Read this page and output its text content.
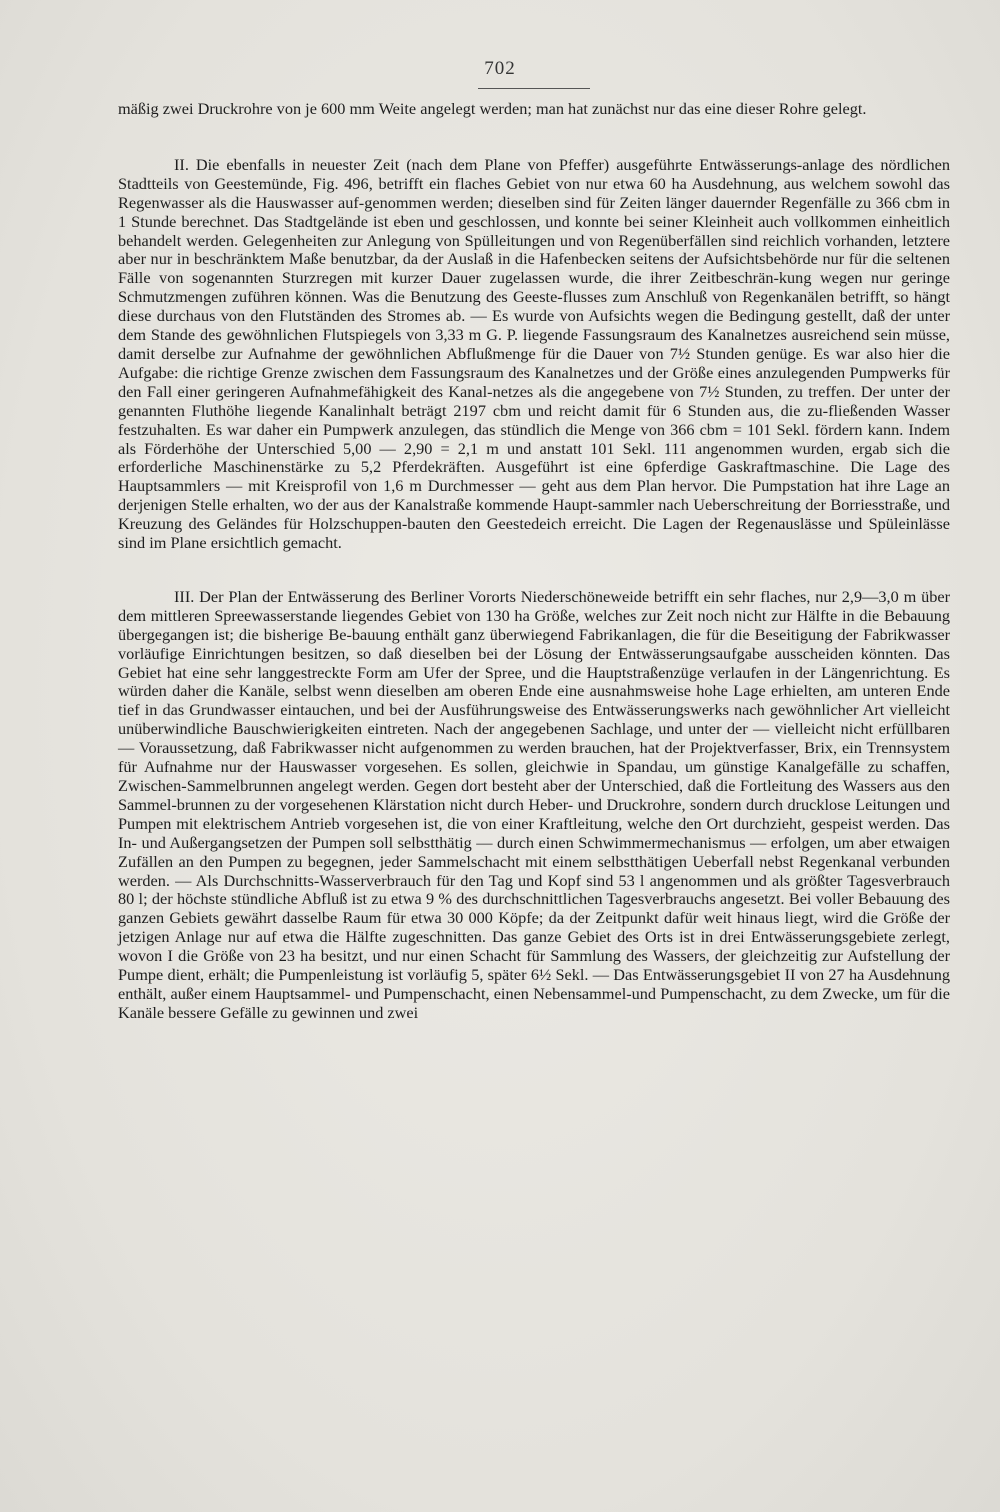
702

mäßig zwei Druckrohre von je 600 mm Weite angelegt werden; man hat zunächst nur das eine dieser Rohre gelegt.

II. Die ebenfalls in neuester Zeit (nach dem Plane von Pfeffer) ausgeführte Entwässerungs-anlage des nördlichen Stadtteils von Geestemünde, Fig. 496, betrifft ein flaches Gebiet von nur etwa 60 ha Ausdehnung, aus welchem sowohl das Regenwasser als die Hauswasser auf-genommen werden; dieselben sind für Zeiten länger dauernder Regenfälle zu 366 cbm in 1 Stunde berechnet. Das Stadtgelände ist eben und geschlossen, und konnte bei seiner Kleinheit auch vollkommen einheitlich behandelt werden. Gelegenheiten zur Anlegung von Spülleitungen und von Regenüberfällen sind reichlich vorhanden, letztere aber nur in beschränktem Maße benutzbar, da der Auslaß in die Hafenbecken seitens der Aufsichtsbehörde nur für die seltenen Fälle von sogenannten Sturzregen mit kurzer Dauer zugelassen wurde, die ihrer Zeitbeschrän-kung wegen nur geringe Schmutzmengen zuführen können. Was die Benutzung des Geeste-flusses zum Anschluß von Regenkanälen betrifft, so hängt diese durchaus von den Flutständen des Stromes ab. — Es wurde von Aufsichts wegen die Bedingung gestellt, daß der unter dem Stande des gewöhnlichen Flutspiegels von 3,33 m G. P. liegende Fassungsraum des Kanalnetzes ausreichend sein müsse, damit derselbe zur Aufnahme der gewöhnlichen Abflußmenge für die Dauer von 7½ Stunden genüge. Es war also hier die Aufgabe: die richtige Grenze zwischen dem Fassungsraum des Kanalnetzes und der Größe eines anzulegenden Pumpwerks für den Fall einer geringeren Aufnahmefähigkeit des Kanal-netzes als die angegebene von 7½ Stunden, zu treffen. Der unter der genannten Fluthöhe liegende Kanalinhalt beträgt 2197 cbm und reicht damit für 6 Stunden aus, die zu-fließenden Wasser festzuhalten. Es war daher ein Pumpwerk anzulegen, das stündlich die Menge von 366 cbm = 101 Sekl. fördern kann. Indem als Förderhöhe der Unterschied 5,00 — 2,90 = 2,1 m und anstatt 101 Sekl. 111 angenommen wurden, ergab sich die erforderliche Maschinenstärke zu 5,2 Pferdekräften. Ausgeführt ist eine 6pferdige Gaskraftmaschine. Die Lage des Hauptsammlers — mit Kreisprofil von 1,6 m Durchmesser — geht aus dem Plan hervor. Die Pumpstation hat ihre Lage an derjenigen Stelle erhalten, wo der aus der Kanalstraße kommende Haupt-sammler nach Ueberschreitung der Borriesstraße, und Kreuzung des Geländes für Holzschuppen-bauten den Geestedeich erreicht. Die Lagen der Regenauslässe und Spüleinlässe sind im Plane ersichtlich gemacht.

III. Der Plan der Entwässerung des Berliner Vororts Niederschöneweide betrifft ein sehr flaches, nur 2,9—3,0 m über dem mittleren Spreewasserstande liegendes Gebiet von 130 ha Größe, welches zur Zeit noch nicht zur Hälfte in die Bebauung übergegangen ist; die bisherige Be-bauung enthält ganz überwiegend Fabrikanlagen, die für die Beseitigung der Fabrikwasser vorläufige Einrichtungen besitzen, so daß dieselben bei der Lösung der Entwässerungsaufgabe ausscheiden könnten. Das Gebiet hat eine sehr langgestreckte Form am Ufer der Spree, und die Hauptstraßenzüge verlaufen in der Längenrichtung. Es würden daher die Kanäle, selbst wenn dieselben am oberen Ende eine ausnahmsweise hohe Lage erhielten, am unteren Ende tief in das Grundwasser eintauchen, und bei der Ausführungsweise des Entwässerungswerks nach gewöhnlicher Art vielleicht unüberwindliche Bauschwierigkeiten eintreten. Nach der angegebenen Sachlage, und unter der — vielleicht nicht erfüllbaren — Voraussetzung, daß Fabrikwasser nicht aufgenommen zu werden brauchen, hat der Projektverfasser, Brix, ein Trennsystem für Aufnahme nur der Hauswasser vorgesehen. Es sollen, gleichwie in Spandau, um günstige Kanalgefälle zu schaffen, Zwischen-Sammelbrunnen angelegt werden. Gegen dort besteht aber der Unterschied, daß die Fortleitung des Wassers aus den Sammel-brunnen zu der vorgesehenen Klärstation nicht durch Heber- und Druckrohre, sondern durch drucklose Leitungen und Pumpen mit elektrischem Antrieb vorgesehen ist, die von einer Kraftleitung, welche den Ort durchzieht, gespeist werden. Das In- und Außergangsetzen der Pumpen soll selbstthätig — durch einen Schwimmermechanismus — erfolgen, um aber etwaigen Zufällen an den Pumpen zu begegnen, jeder Sammelschacht mit einem selbstthätigen Ueberfall nebst Regenkanal verbunden werden. — Als Durchschnitts-Wasserverbrauch für den Tag und Kopf sind 53 l angenommen und als größter Tagesverbrauch 80 l; der höchste stündliche Abfluß ist zu etwa 9 % des durchschnittlichen Tagesverbrauchs angesetzt. Bei voller Bebauung des ganzen Gebiets gewährt dasselbe Raum für etwa 30 000 Köpfe; da der Zeitpunkt dafür weit hinaus liegt, wird die Größe der jetzigen Anlage nur auf etwa die Hälfte zugeschnitten. Das ganze Gebiet des Orts ist in drei Entwässerungsgebiete zerlegt, wovon I die Größe von 23 ha besitzt, und nur einen Schacht für Sammlung des Wassers, der gleichzeitig zur Aufstellung der Pumpe dient, erhält; die Pumpenleistung ist vorläufig 5, später 6½ Sekl. — Das Entwässerungsgebiet II von 27 ha Ausdehnung enthält, außer einem Hauptsammel- und Pumpenschacht, einen Nebensammel-und Pumpenschacht, zu dem Zwecke, um für die Kanäle bessere Gefälle zu gewinnen und zwei
